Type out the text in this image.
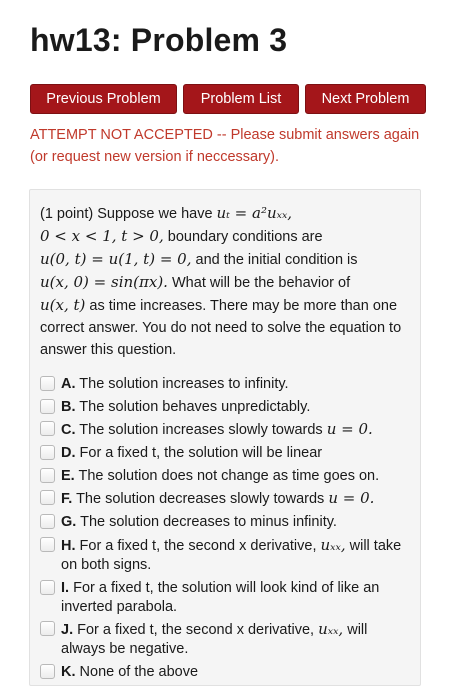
hw13: Problem 3
Previous Problem	Problem List	Next Problem

ATTEMPT NOT ACCEPTED -- Please submit answers again (or request new version if neccessary).

(1 point) Suppose we have uₜ = a²uₓₓ,
0 < x < 1, t > 0, boundary conditions are
u(0, t) = u(1, t) = 0, and the initial condition is
u(x, 0) = sin(πx). What will be the behavior of
u(x, t) as time increases. There may be more than one correct answer. You do not need to solve the equation to answer this question.

A. The solution increases to infinity.
B. The solution behaves unpredictably.
C. The solution increases slowly towards u = 0.
D. For a fixed t, the solution will be linear
E. The solution does not change as time goes on.
F. The solution decreases slowly towards u = 0.
G. The solution decreases to minus infinity.
H. For a fixed t, the second x derivative, uₓₓ, will take on both signs.
I. For a fixed t, the solution will look kind of like an inverted parabola.
J. For a fixed t, the second x derivative, uₓₓ, will always be negative.
K. None of the above
